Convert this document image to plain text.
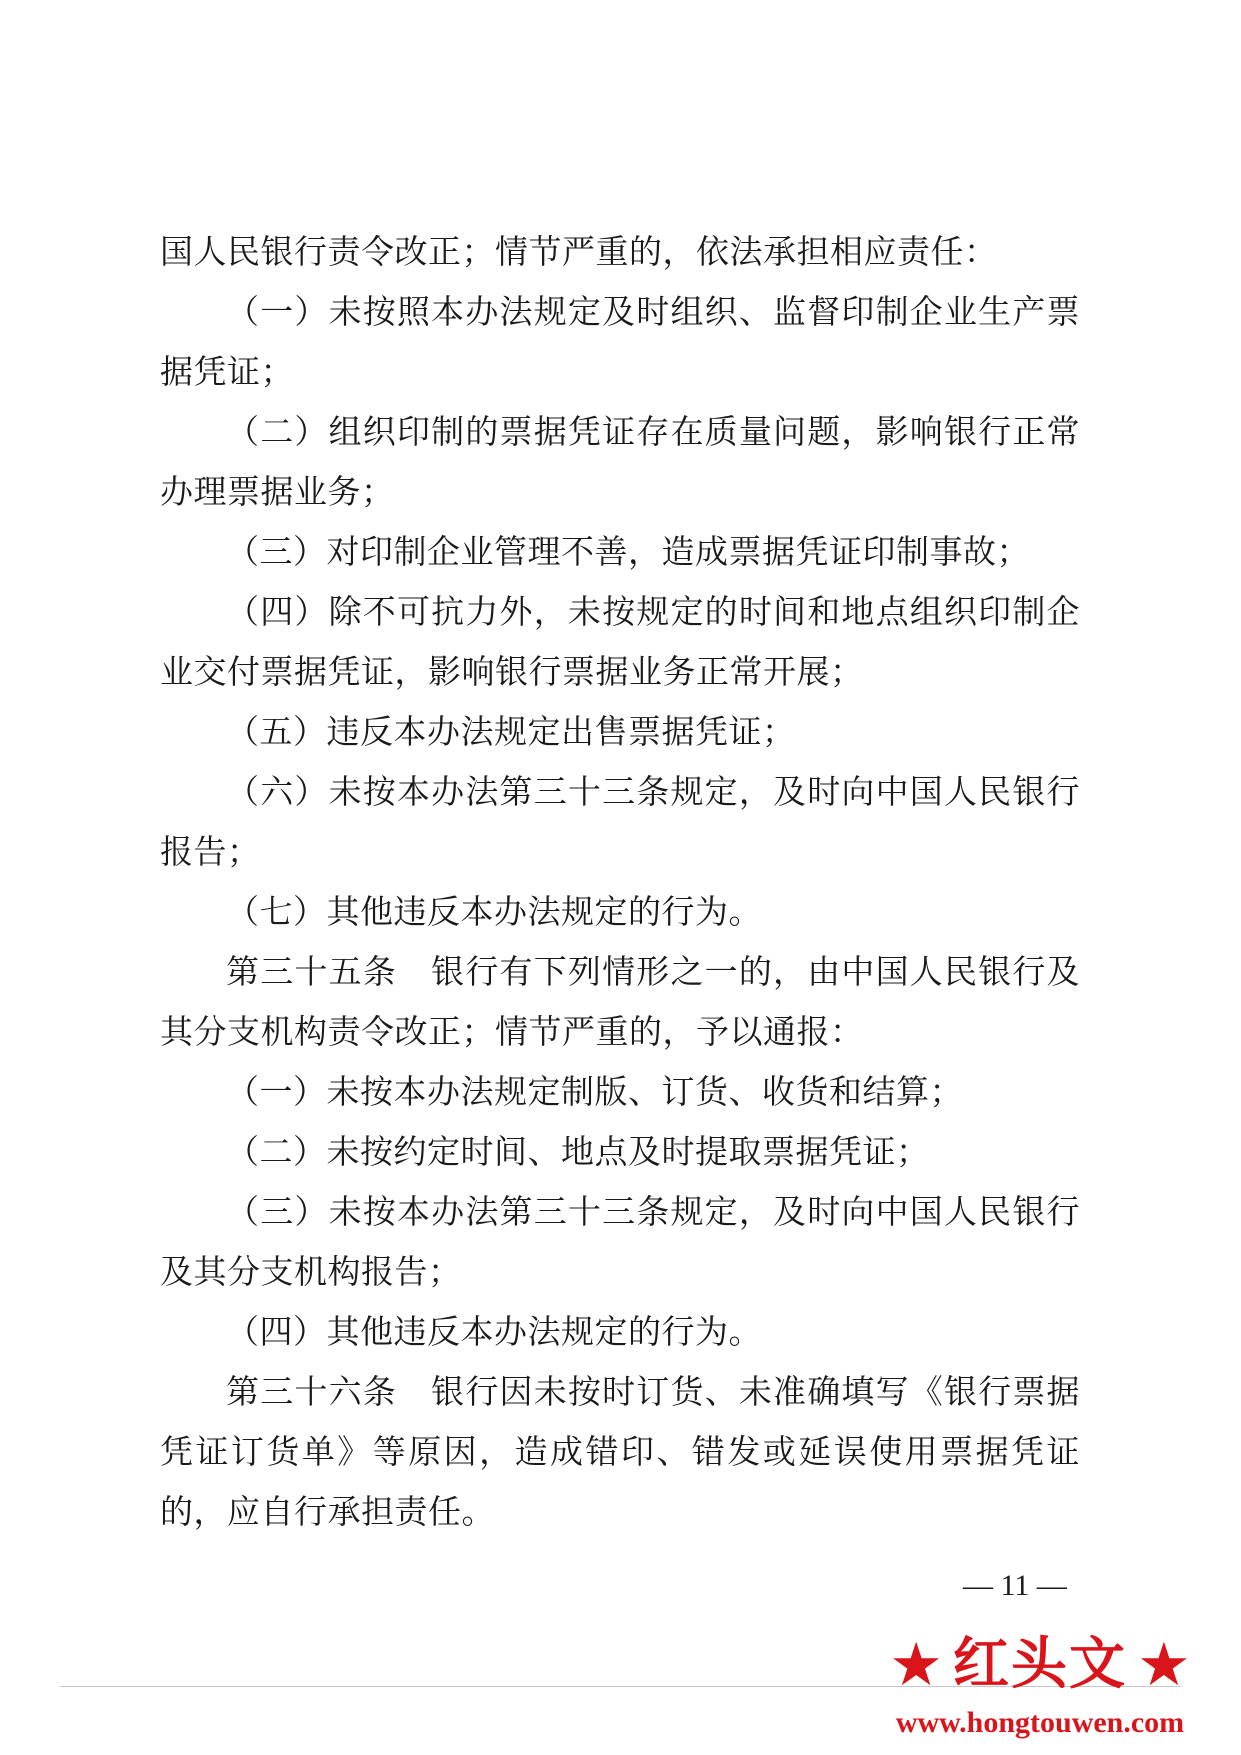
国人民银行责令改正；情节严重的，依法承担相应责任：

（一）未按照本办法规定及时组织、监督印制企业生产票据凭证；

（二）组织印制的票据凭证存在质量问题，影响银行正常办理票据业务；

（三）对印制企业管理不善，造成票据凭证印制事故；

（四）除不可抗力外，未按规定的时间和地点组织印制企业交付票据凭证，影响银行票据业务正常开展；

（五）违反本办法规定出售票据凭证；

（六）未按本办法第三十三条规定，及时向中国人民银行报告；

（七）其他违反本办法规定的行为。

第三十五条　银行有下列情形之一的，由中国人民银行及其分支机构责令改正；情节严重的，予以通报：

（一）未按本办法规定制版、订货、收货和结算；

（二）未按约定时间、地点及时提取票据凭证；

（三）未按本办法第三十三条规定，及时向中国人民银行及其分支机构报告；

（四）其他违反本办法规定的行为。

第三十六条　银行因未按时订货、未准确填写《银行票据凭证订货单》等原因，造成错印、错发或延误使用票据凭证的，应自行承担责任。

— 11 —
★ 红头文 ★
www.hongtouwen.com
